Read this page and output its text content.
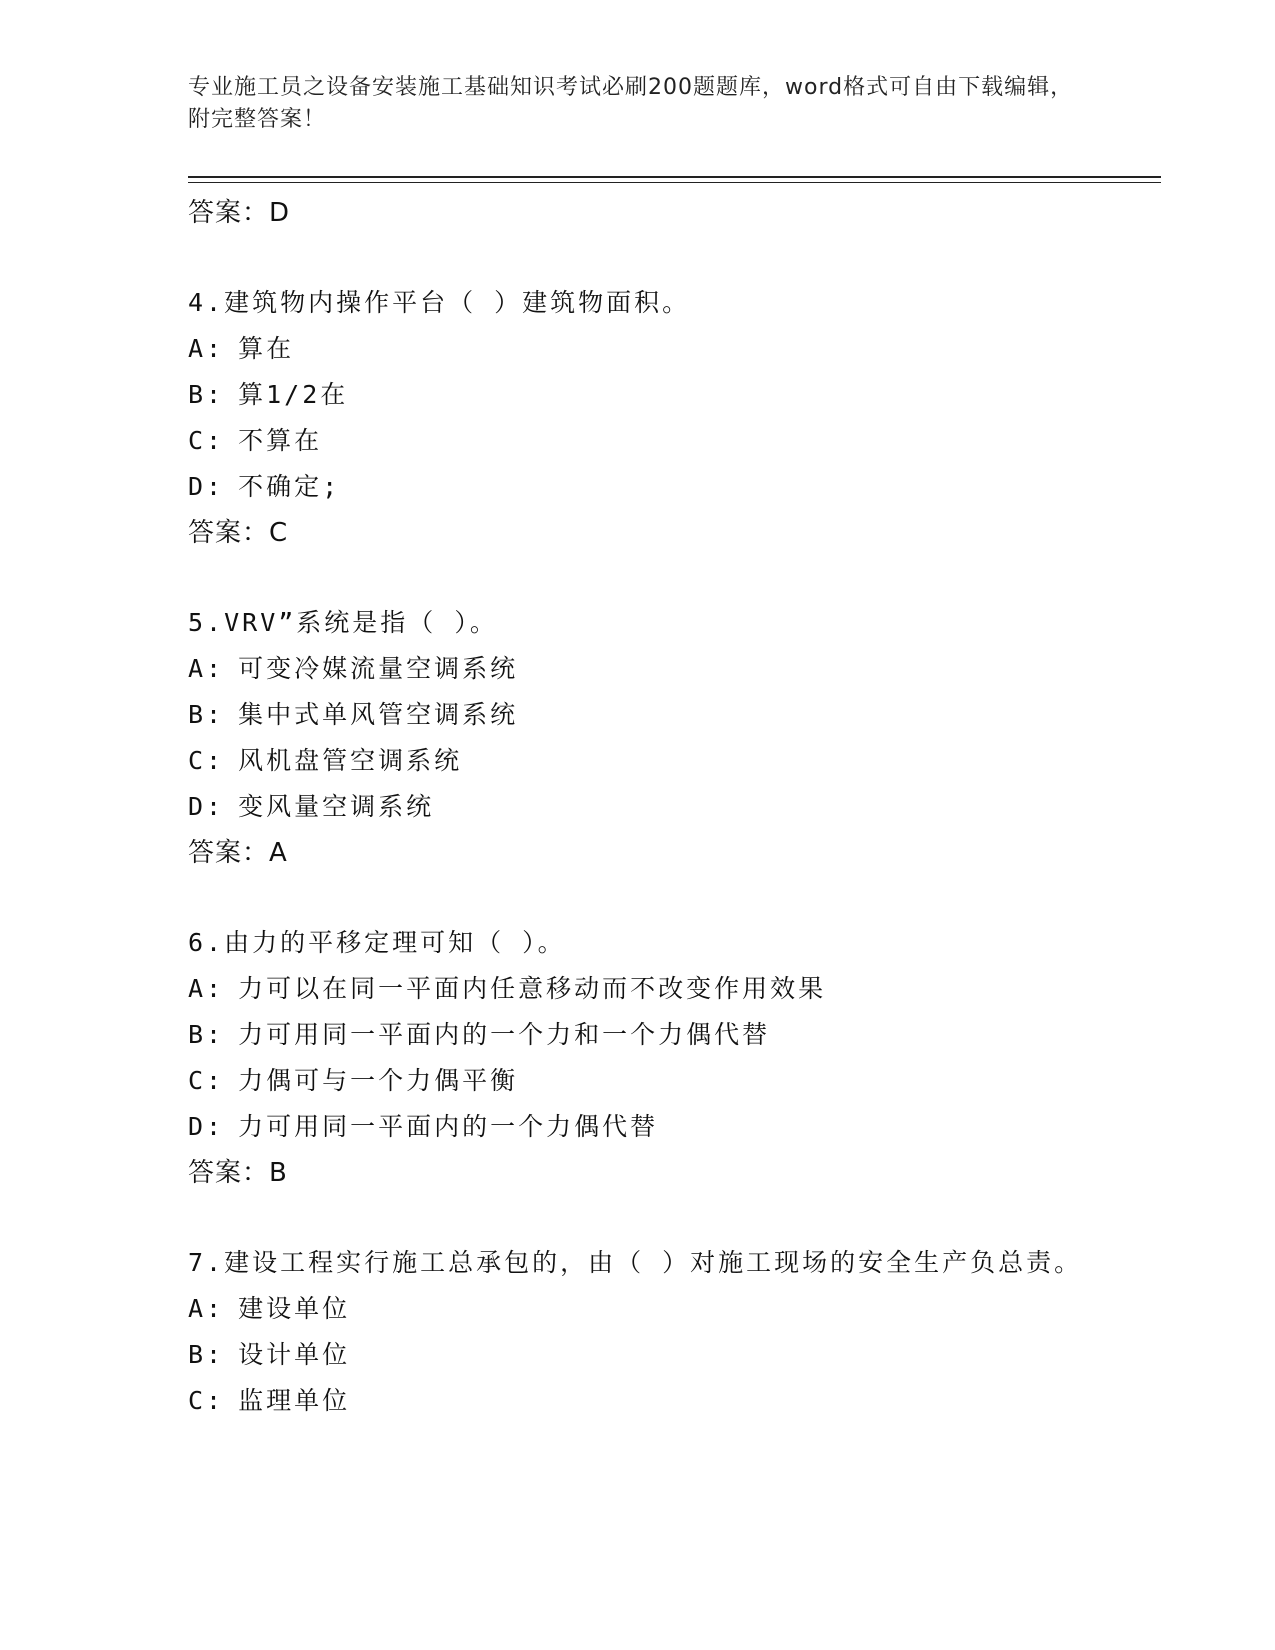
专业施工员之设备安装施工基础知识考试必刷200题题库，word格式可自由下载编辑，附完整答案！
答案：D
4.建筑物内操作平台（ ）建筑物面积。
A: 算在
B: 算1/2在
C: 不算在
D: 不确定;
答案：C
5.VRV”系统是指（ ）。
A: 可变冷媒流量空调系统
B: 集中式单风管空调系统
C: 风机盘管空调系统
D: 变风量空调系统
答案：A
6.由力的平移定理可知（ ）。
A: 力可以在同一平面内任意移动而不改变作用效果
B: 力可用同一平面内的一个力和一个力偶代替
C: 力偶可与一个力偶平衡
D: 力可用同一平面内的一个力偶代替
答案：B
7.建设工程实行施工总承包的，由（ ）对施工现场的安全生产负总责。
A: 建设单位
B: 设计单位
C: 监理单位
